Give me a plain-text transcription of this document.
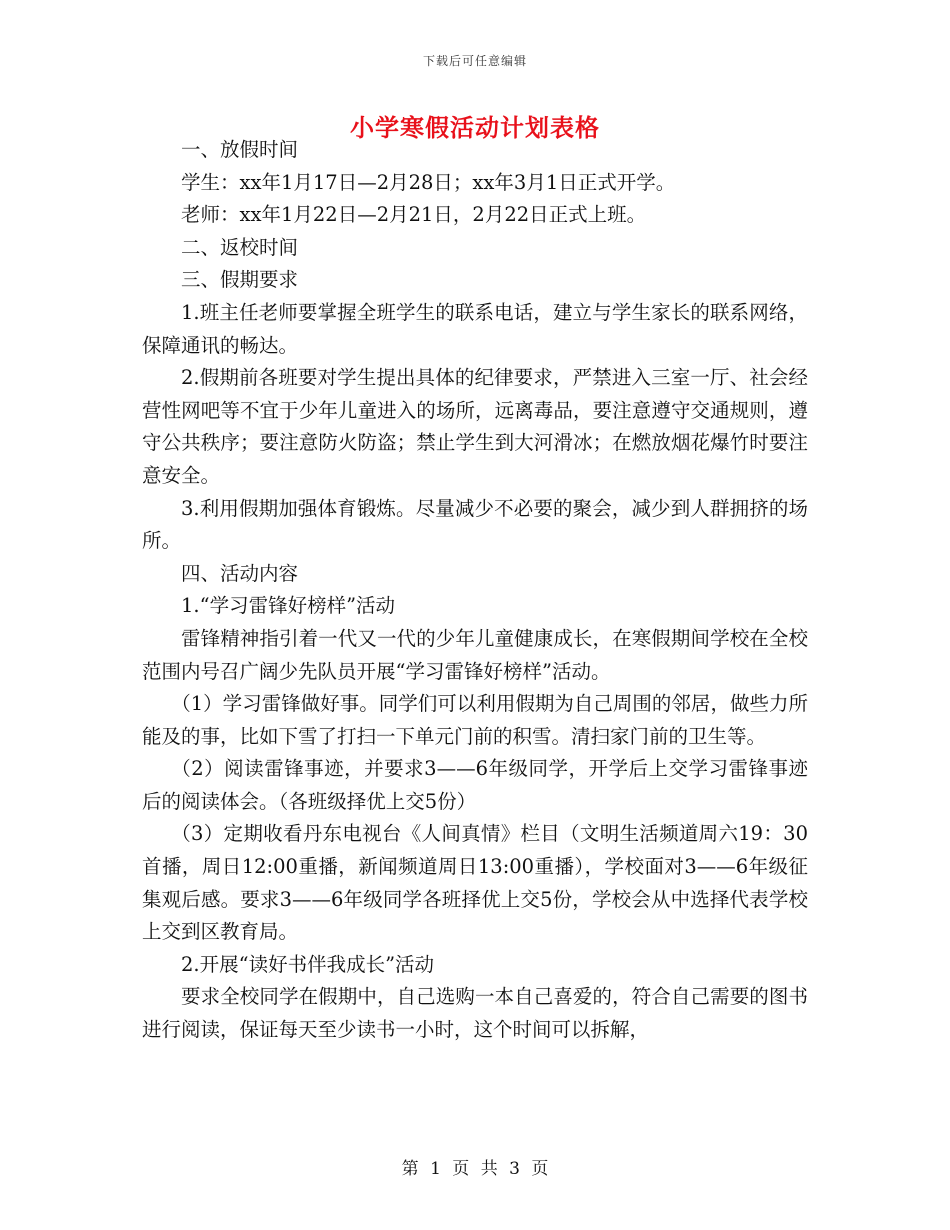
下载后可任意编辑
小学寒假活动计划表格

一、放假时间

学生：xx年1月17日—2月28日；xx年3月1日正式开学。

老师：xx年1月22日—2月21日，2月22日正式上班。

二、返校时间

三、假期要求

1.班主任老师要掌握全班学生的联系电话，建立与学生家长的联系网络，保障通讯的畅达。

2.假期前各班要对学生提出具体的纪律要求，严禁进入三室一厅、社会经营性网吧等不宜于少年儿童进入的场所，远离毒品，要注意遵守交通规则，遵守公共秩序；要注意防火防盗；禁止学生到大河滑冰；在燃放烟花爆竹时要注意安全。

3.利用假期加强体育锻炼。尽量减少不必要的聚会，减少到人群拥挤的场所。

四、活动内容

1.“学习雷锋好榜样”活动

雷锋精神指引着一代又一代的少年儿童健康成长，在寒假期间学校在全校范围内号召广阔少先队员开展“学习雷锋好榜样”活动。

（1）学习雷锋做好事。同学们可以利用假期为自己周围的邻居，做些力所能及的事，比如下雪了打扫一下单元门前的积雪。清扫家门前的卫生等。

（2）阅读雷锋事迹，并要求3——6年级同学，开学后上交学习雷锋事迹后的阅读体会。（各班级择优上交5份）

（3）定期收看丹东电视台《人间真情》栏目（文明生活频道周六19：30首播，周日12:00重播，新闻频道周日13:00重播），学校面对3——6年级征集观后感。要求3——6年级同学各班择优上交5份，学校会从中选择代表学校上交到区教育局。

2.开展“读好书伴我成长”活动

要求全校同学在假期中，自己选购一本自己喜爱的，符合自己需要的图书进行阅读，保证每天至少读书一小时，这个时间可以拆解，

第 1 页 共 3 页
